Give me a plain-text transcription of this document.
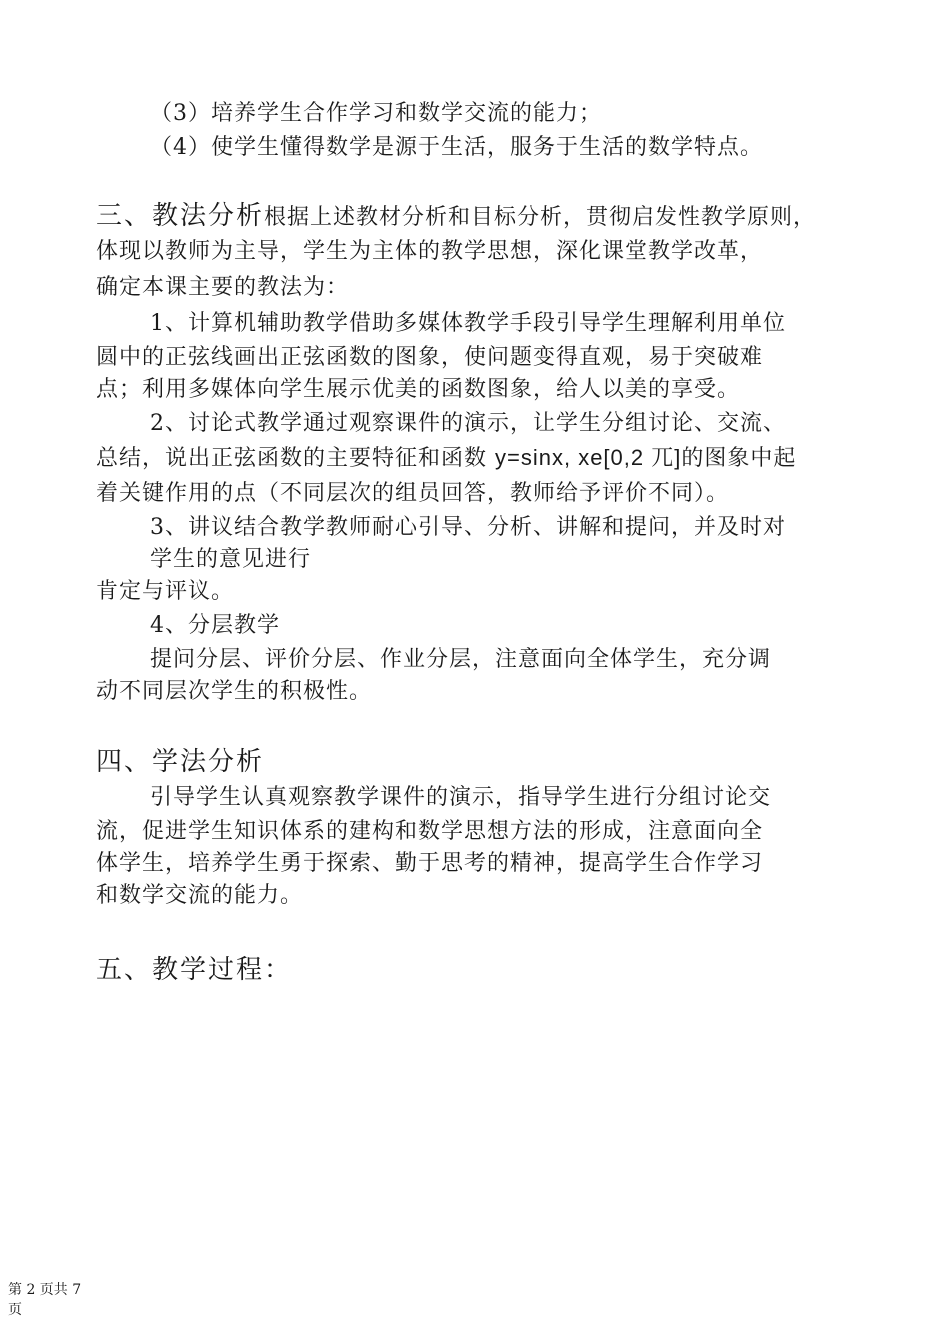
（3）培养学生合作学习和数学交流的能力；
（4）使学生懂得数学是源于生活，服务于生活的数学特点。
三、教法分析根据上述教材分析和目标分析，贯彻启发性教学原则，
体现以教师为主导，学生为主体的教学思想，深化课堂教学改革，
确定本课主要的教法为：
1、计算机辅助教学借助多媒体教学手段引导学生理解利用单位
圆中的正弦线画出正弦函数的图象，使问题变得直观，易于突破难
点；利用多媒体向学生展示优美的函数图象，给人以美的享受。
2、讨论式教学通过观察课件的演示，让学生分组讨论、交流、
总结，说出正弦函数的主要特征和函数 y=sinx, xe[0,2 兀]的图象中起
着关键作用的点（不同层次的组员回答，教师给予评价不同）。
3、讲议结合教学教师耐心引导、分析、讲解和提问，并及时对
学生的意见进行
肯定与评议。
4、分层教学
提问分层、评价分层、作业分层，注意面向全体学生，充分调
动不同层次学生的积极性。
四、学法分析
引导学生认真观察教学课件的演示，指导学生进行分组讨论交
流，促进学生知识体系的建构和数学思想方法的形成，注意面向全
体学生，培养学生勇于探索、勤于思考的精神，提高学生合作学习
和数学交流的能力。
五、教学过程：
第 2 页共 7 页
